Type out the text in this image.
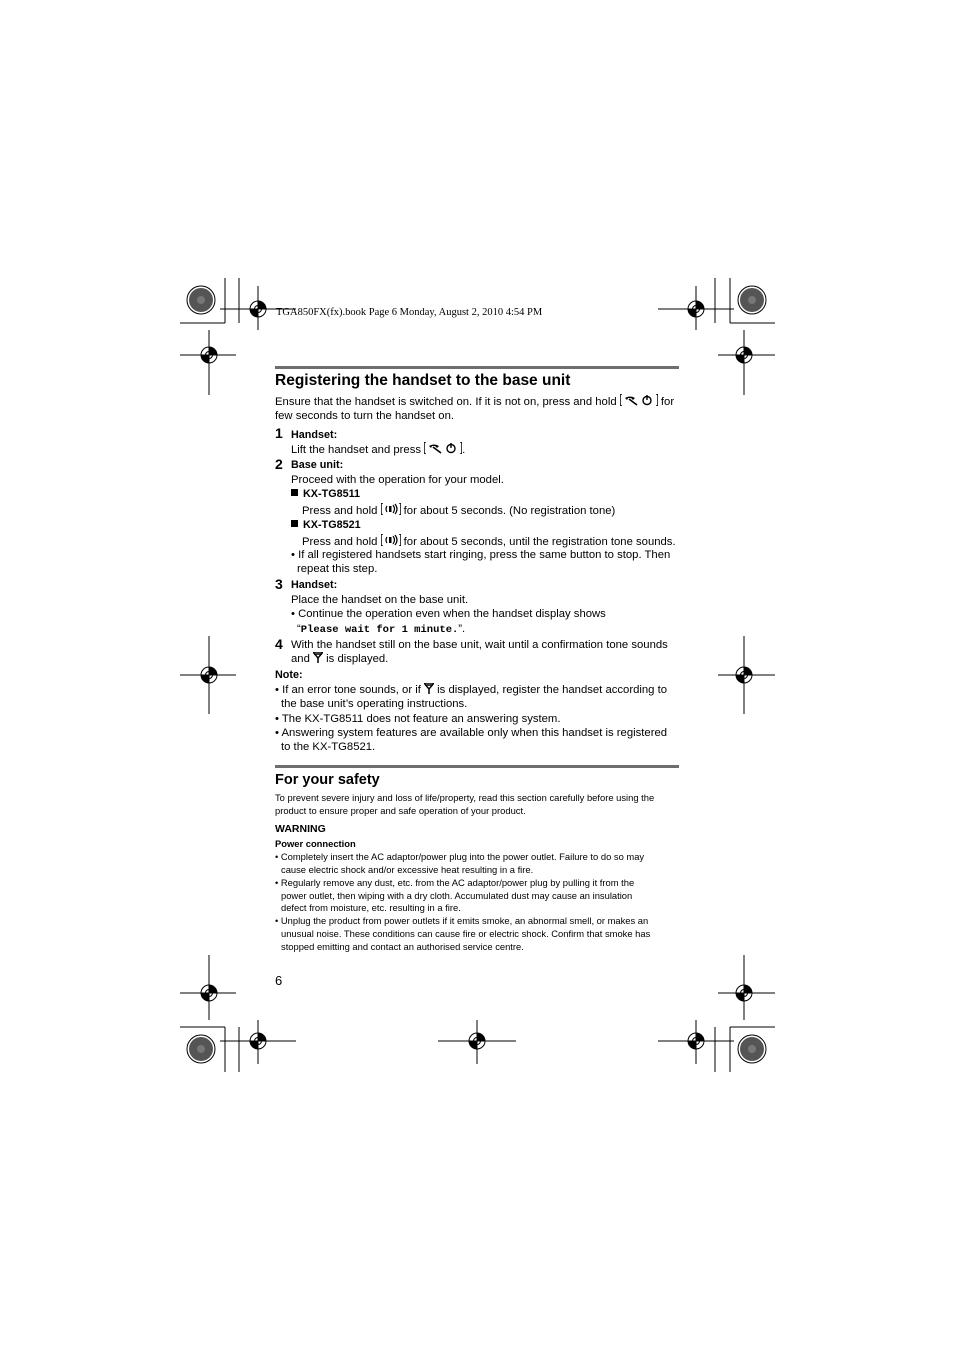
TGA850FX(fx).book Page 6 Monday, August 2, 2010 4:54 PM
Registering the handset to the base unit
Ensure that the handset is switched on. If it is not on, press and hold	for
few seconds to turn the handset on.
1 Handset:
Lift the handset and press	.
2 Base unit:
Proceed with the operation for your model.
KX-TG8511
Press and hold for about 5 seconds. (No registration tone)
KX-TG8521
Press and hold for about 5 seconds, until the registration tone sounds.
• If all registered handsets start ringing, press the same button to stop. Then
repeat this step.
3 Handset:
Place the handset on the base unit.
• Continue the operation even when the handset display shows
“Please wait for 1 minute.”.
4 With the handset still on the base unit, wait until a confirmation tone sounds
and is displayed.
Note:
• If an error tone sounds, or if is displayed, register the handset according to
the base unit’s operating instructions.
• The KX-TG8511 does not feature an answering system.
• Answering system features are available only when this handset is registered
to the KX-TG8521.
For your safety
To prevent severe injury and loss of life/property, read this section carefully before using the
product to ensure proper and safe operation of your product.
WARNING
Power connection
• Completely insert the AC adaptor/power plug into the power outlet. Failure to do so may
cause electric shock and/or excessive heat resulting in a fire.
• Regularly remove any dust, etc. from the AC adaptor/power plug by pulling it from the
power outlet, then wiping with a dry cloth. Accumulated dust may cause an insulation
defect from moisture, etc. resulting in a fire.
• Unplug the product from power outlets if it emits smoke, an abnormal smell, or makes an
unusual noise. These conditions can cause fire or electric shock. Confirm that smoke has
stopped emitting and contact an authorised service centre.
6
